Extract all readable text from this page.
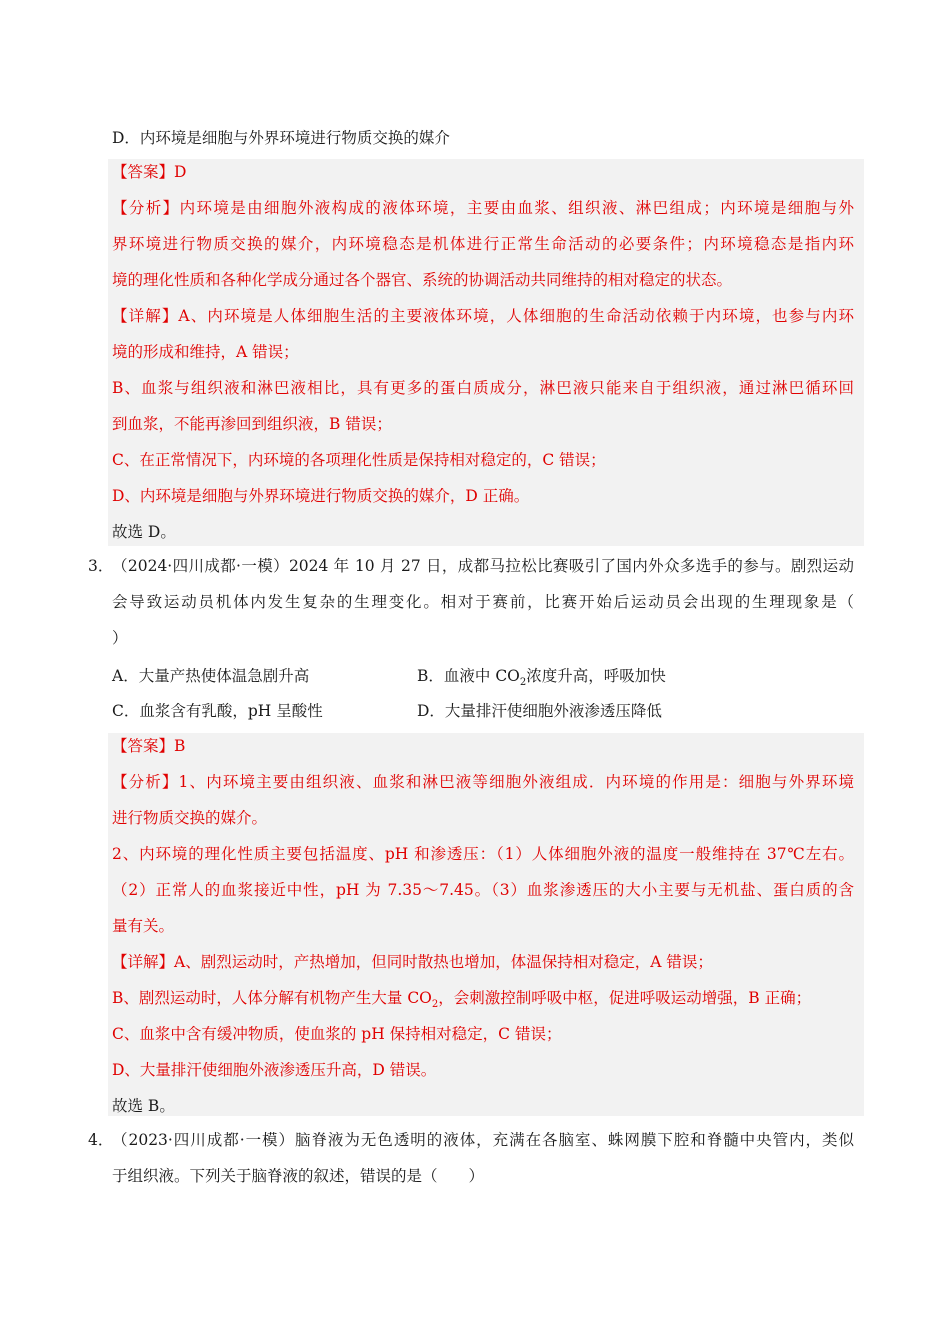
D．内环境是细胞与外界环境进行物质交换的媒介
【答案】D
【分析】内环境是由细胞外液构成的液体环境，主要由血浆、组织液、淋巴组成；内环境是细胞与外
界环境进行物质交换的媒介，内环境稳态是机体进行正常生命活动的必要条件；内环境稳态是指内环
境的理化性质和各种化学成分通过各个器官、系统的协调活动共同维持的相对稳定的状态。
【详解】A、内环境是人体细胞生活的主要液体环境，人体细胞的生命活动依赖于内环境，也参与内环
境的形成和维持，A 错误；
B、血浆与组织液和淋巴液相比，具有更多的蛋白质成分，淋巴液只能来自于组织液，通过淋巴循环回
到血浆，不能再渗回到组织液，B 错误；
C、在正常情况下，内环境的各项理化性质是保持相对稳定的，C 错误；
D、内环境是细胞与外界环境进行物质交换的媒介，D 正确。
故选 D。
3．
（2024·四川成都·一模）2024 年 10 月 27 日，成都马拉松比赛吸引了国内外众多选手的参与。剧烈运动
会导致运动员机体内发生复杂的生理变化。相对于赛前，比赛开始后运动员会出现的生理现象是（
）
A．大量产热使体温急剧升高	B．血液中 $CO_2$浓度升高，呼吸加快
C．血浆含有乳酸，pH 呈酸性	D．大量排汗使细胞外液渗透压降低
【答案】B
【分析】1、内环境主要由组织液、血浆和淋巴液等细胞外液组成．内环境的作用是：细胞与外界环境
进行物质交换的媒介。
2、内环境的理化性质主要包括温度、pH 和渗透压：（1）人体细胞外液的温度一般维持在 37℃左右。
（2）正常人的血浆接近中性，pH 为 7.35～7.45。（3）血浆渗透压的大小主要与无机盐、蛋白质的含
量有关。
【详解】A、剧烈运动时，产热增加，但同时散热也增加，体温保持相对稳定，A 错误；
B、剧烈运动时，人体分解有机物产生大量 $CO_2$，会刺激控制呼吸中枢，促进呼吸运动增强，B 正确；
C、血浆中含有缓冲物质，使血浆的 pH 保持相对稳定，C 错误；
D、大量排汗使细胞外液渗透压升高，D 错误。
故选 B。
4．
（2023·四川成都·一模）脑脊液为无色透明的液体，充满在各脑室、蛛网膜下腔和脊髓中央管内，类似
于组织液。下列关于脑脊液的叙述，错误的是（　　）
